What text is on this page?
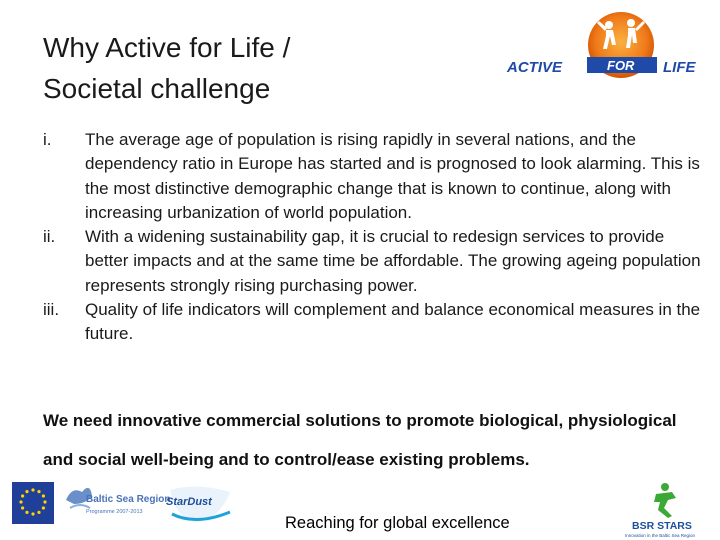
Why Active for Life /
Societal challenge
ACTIVE	FOR LIFE
i. The average age of population is rising rapidly in several nations, and the dependency ratio in Europe has started and is prognosed to look alarming. This is the most distinctive demographic change that is known to continue, along with increasing urbanization of world population.
ii. With a widening sustainability gap, it is crucial to redesign services to provide better impacts and at the same time be affordable. The growing ageing population represents strongly rising purchasing power.
iii. Quality of life indicators will complement and balance economical measures in the future.

We need innovative commercial solutions to promote biological, physiological and social well-being and to control/ease existing problems.

Baltic Sea Region
Programme 2007-2013
StarDust
Reaching for global excellence	BSR STARS
Innovation in the Baltic Sea Region
